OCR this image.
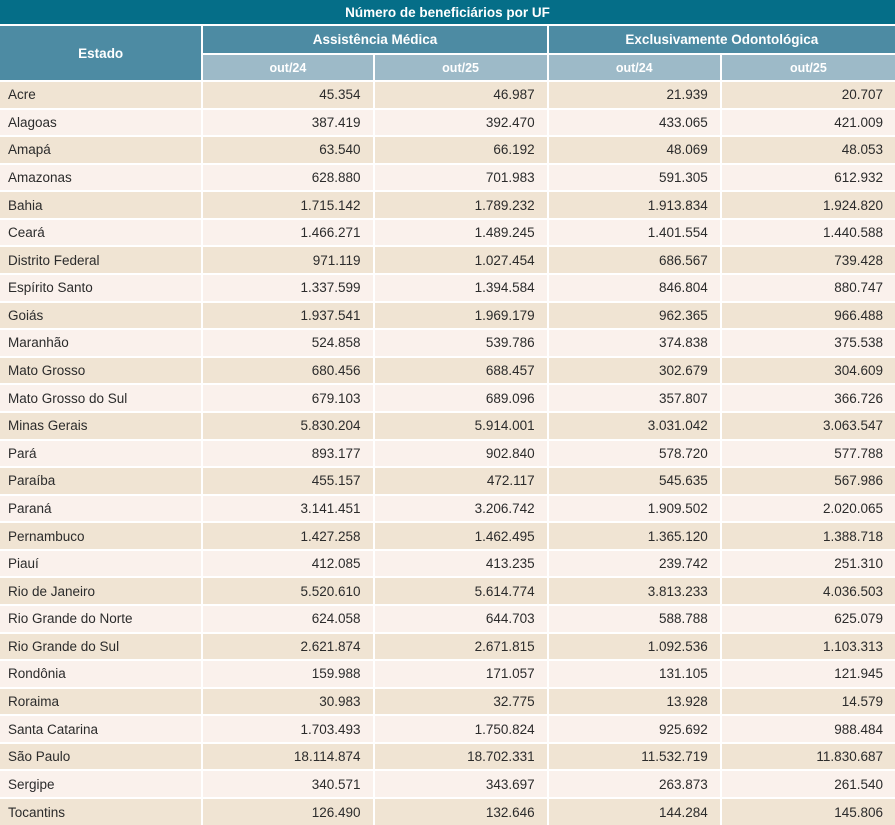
Número de beneficiários por UF				
Estado	Assistência Médica		Exclusivamente Odontológica	
	out/24	out/25	out/24	out/25
Acre	45.354	46.987	21.939	20.707
Alagoas	387.419	392.470	433.065	421.009
Amapá	63.540	66.192	48.069	48.053
Amazonas	628.880	701.983	591.305	612.932
Bahia	1.715.142	1.789.232	1.913.834	1.924.820
Ceará	1.466.271	1.489.245	1.401.554	1.440.588
Distrito Federal	971.119	1.027.454	686.567	739.428
Espírito Santo	1.337.599	1.394.584	846.804	880.747
Goiás	1.937.541	1.969.179	962.365	966.488
Maranhão	524.858	539.786	374.838	375.538
Mato Grosso	680.456	688.457	302.679	304.609
Mato Grosso do Sul	679.103	689.096	357.807	366.726
Minas Gerais	5.830.204	5.914.001	3.031.042	3.063.547
Pará	893.177	902.840	578.720	577.788
Paraíba	455.157	472.117	545.635	567.986
Paraná	3.141.451	3.206.742	1.909.502	2.020.065
Pernambuco	1.427.258	1.462.495	1.365.120	1.388.718
Piauí	412.085	413.235	239.742	251.310
Rio de Janeiro	5.520.610	5.614.774	3.813.233	4.036.503
Rio Grande do Norte	624.058	644.703	588.788	625.079
Rio Grande do Sul	2.621.874	2.671.815	1.092.536	1.103.313
Rondônia	159.988	171.057	131.105	121.945
Roraima	30.983	32.775	13.928	14.579
Santa Catarina	1.703.493	1.750.824	925.692	988.484
São Paulo	18.114.874	18.702.331	11.532.719	11.830.687
Sergipe	340.571	343.697	263.873	261.540
Tocantins	126.490	132.646	144.284	145.806
